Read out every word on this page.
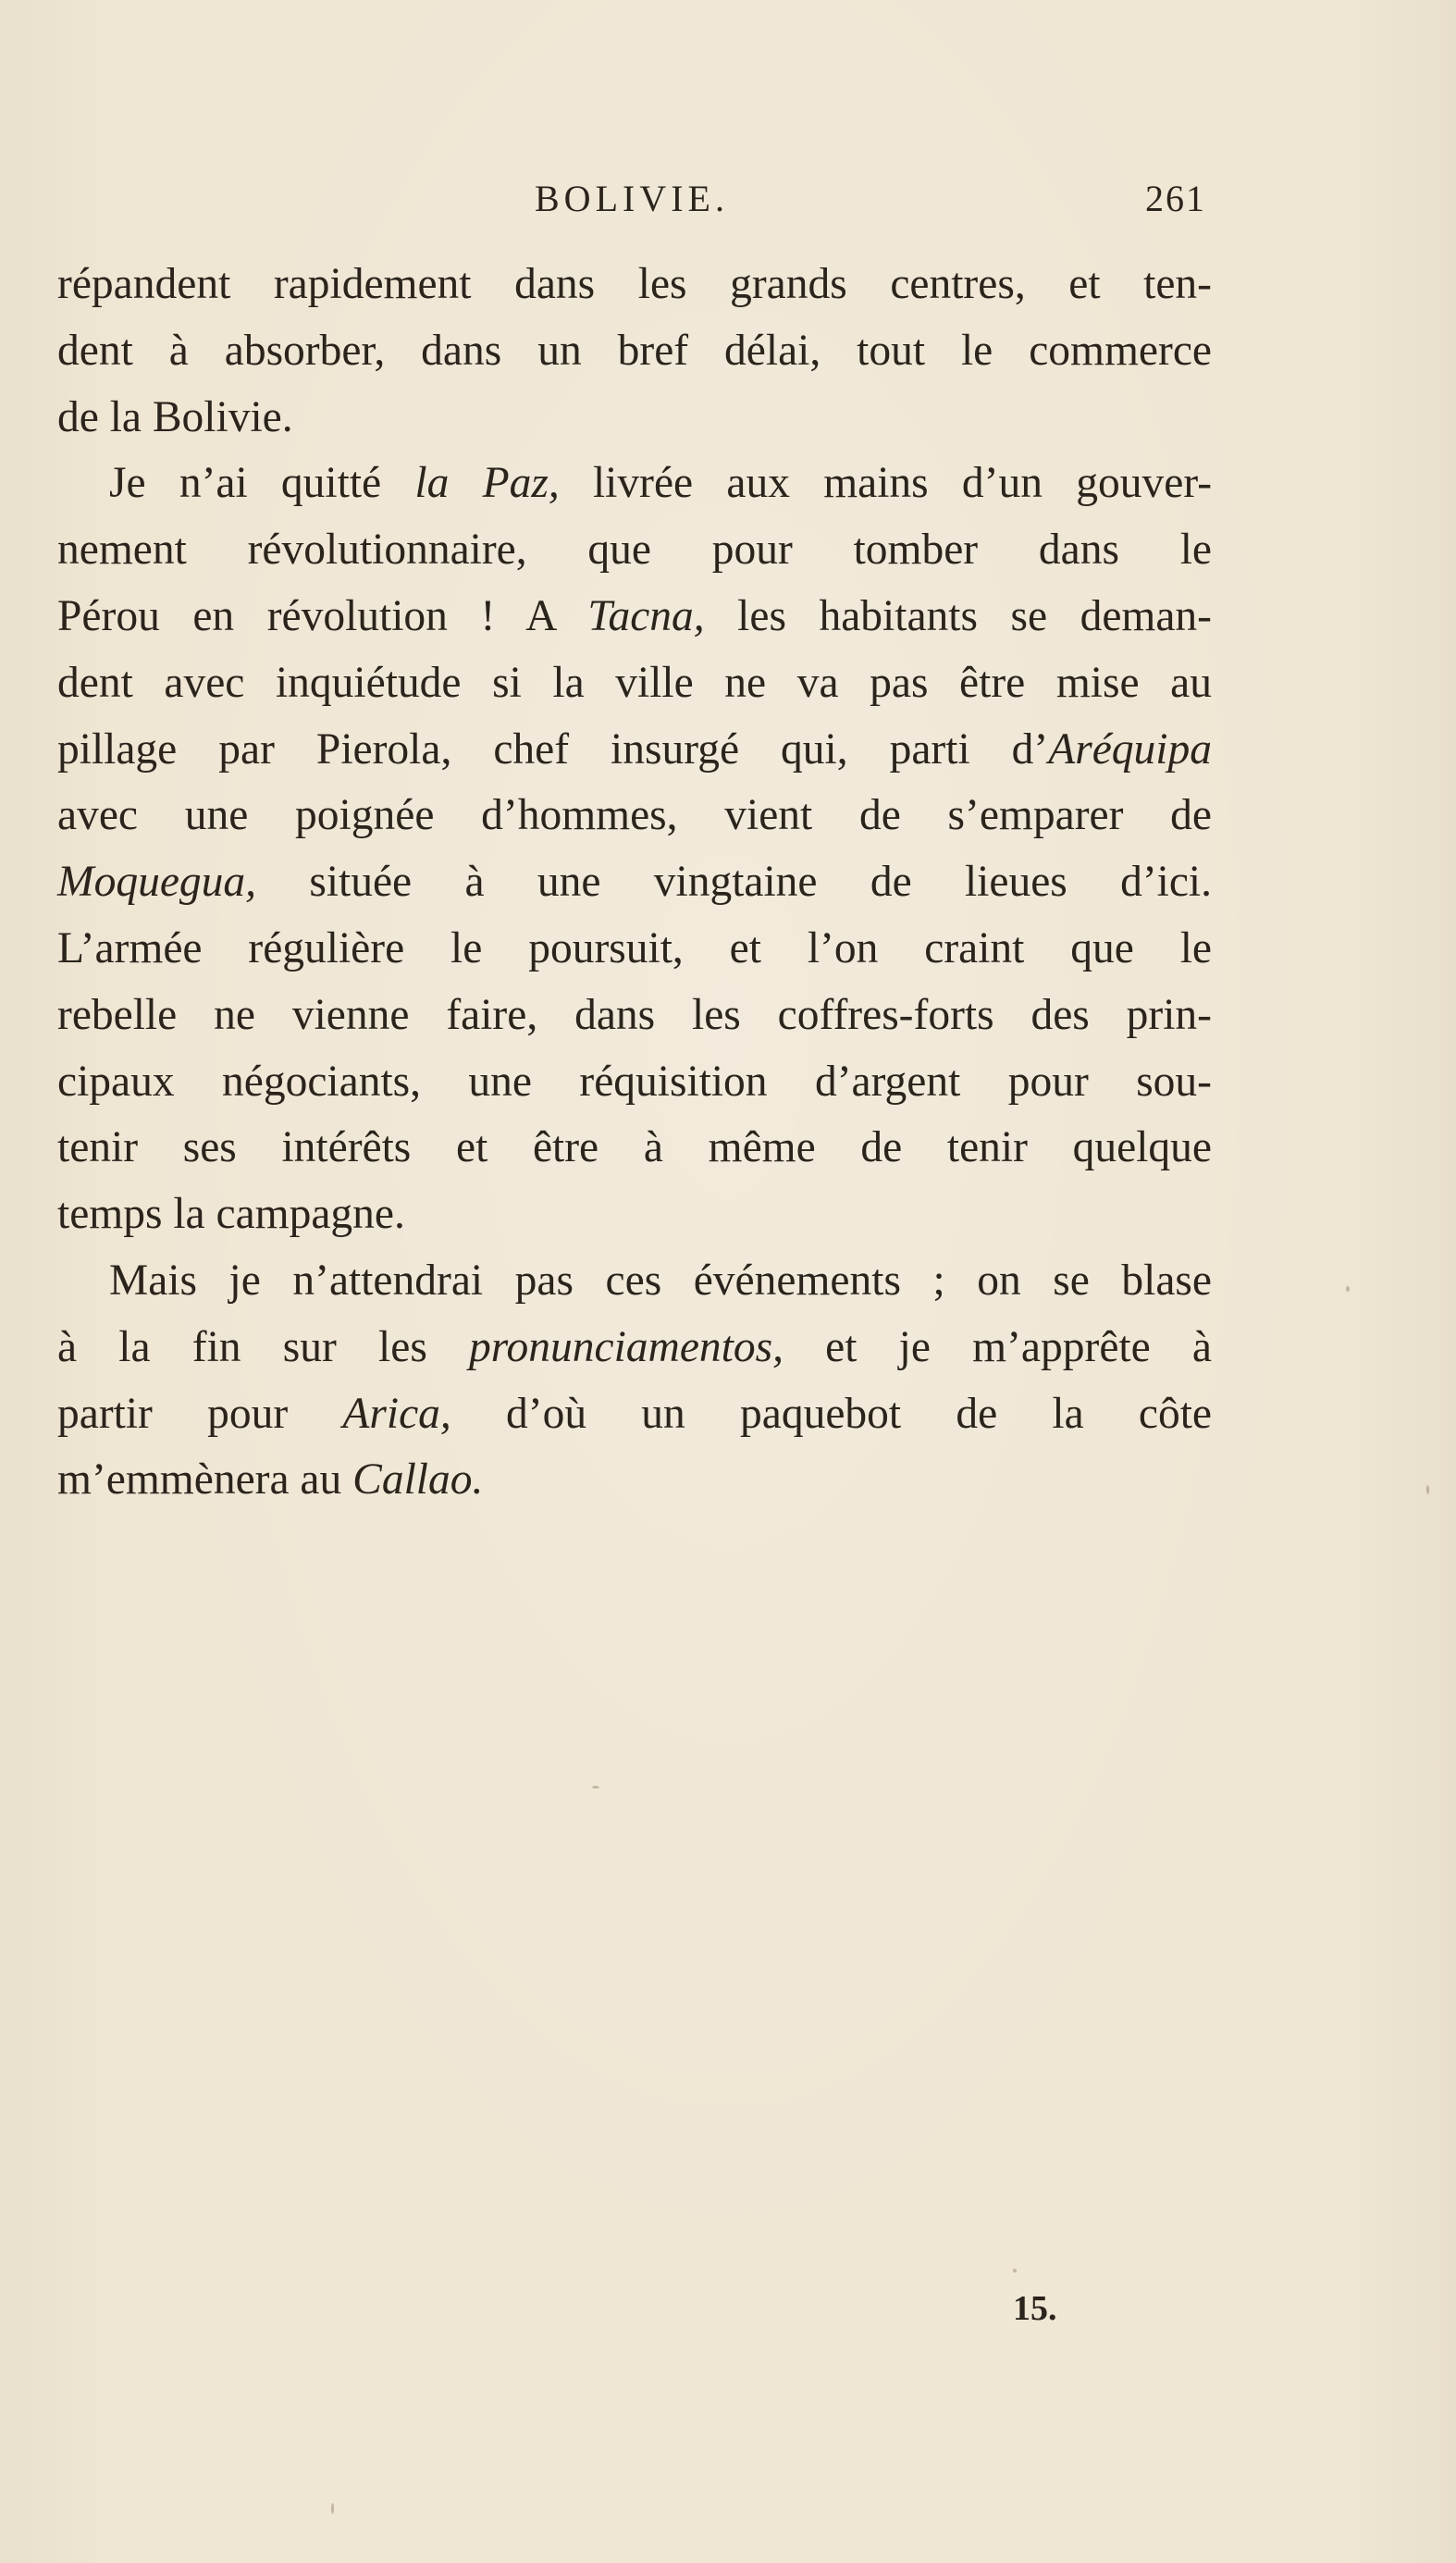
BOLIVIE.	261
répandent rapidement dans les grands centres, et ten-
dent à absorber, dans un bref délai, tout le commerce
de la Bolivie.
Je n’ai quitté la Paz, livrée aux mains d’un gouver-
nement révolutionnaire, que pour tomber dans le
Pérou en révolution ! A Tacna, les habitants se deman-
dent avec inquiétude si la ville ne va pas être mise au
pillage par Pierola, chef insurgé qui, parti d’Aréquipa
avec une poignée d’hommes, vient de s’emparer de
Moquegua, située à une vingtaine de lieues d’ici.
L’armée régulière le poursuit, et l’on craint que le
rebelle ne vienne faire, dans les coffres-forts des prin-
cipaux négociants, une réquisition d’argent pour sou-
tenir ses intérêts et être à même de tenir quelque
temps la campagne.
Mais je n’attendrai pas ces événements ; on se blase
à la fin sur les pronunciamentos, et je m’apprête à
partir pour Arica, d’où un paquebot de la côte
m’emmènera au Callao.
15.
